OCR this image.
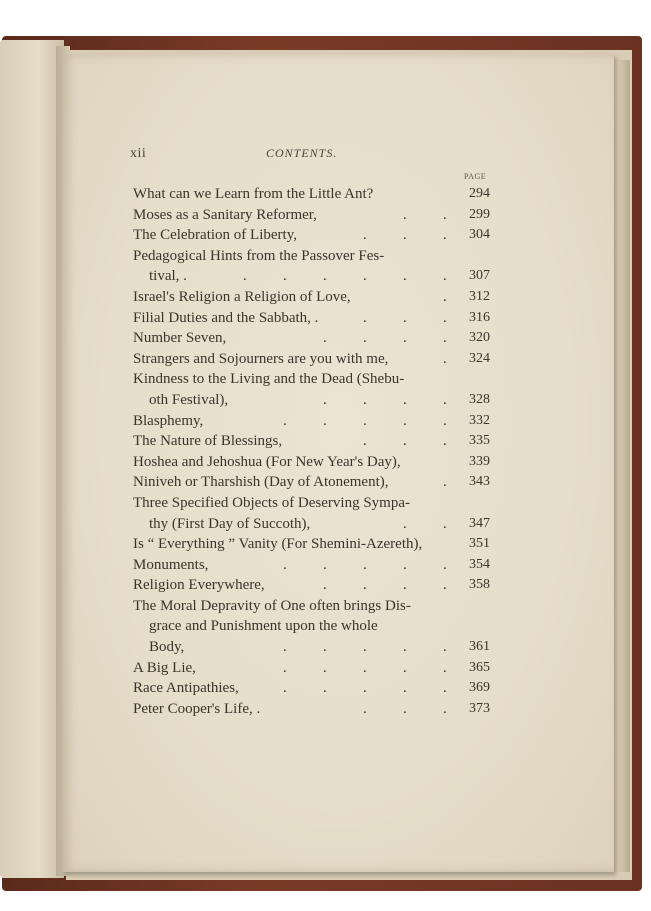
xii	CONTENTS.
PAGE
What can we Learn from the Little Ant?	294
Moses as a Sanitary Reformer,	. . 299
The Celebration of Liberty,	. . . 304
Pedagogical Hints from the Passover Fes-
tival, .	. . . . . . 307
Israel's Religion a Religion of Love,	. 312
Filial Duties and the Sabbath, .	. . . 316
Number Seven,	. . . . 320
Strangers and Sojourners are you with me,	. 324
Kindness to the Living and the Dead (Shebu-
oth Festival),	. . . . 328
Blasphemy,	. . . . . 332
The Nature of Blessings,	. . . 335
Hoshea and Jehoshua (For New Year's Day),	339
Niniveh or Tharshish (Day of Atonement),	. 343
Three Specified Objects of Deserving Sympa-
thy (First Day of Succoth),	. . 347
Is “ Everything ” Vanity (For Shemini-Azereth),	351
Monuments,	. . . . . 354
Religion Everywhere,	. . . . 358
The Moral Depravity of One often brings Dis-
grace and Punishment upon the whole
Body,	. . . . . 361
A Big Lie,	. . . . . 365
Race Antipathies,	. . . . . 369
Peter Cooper's Life, .	. . . 373
